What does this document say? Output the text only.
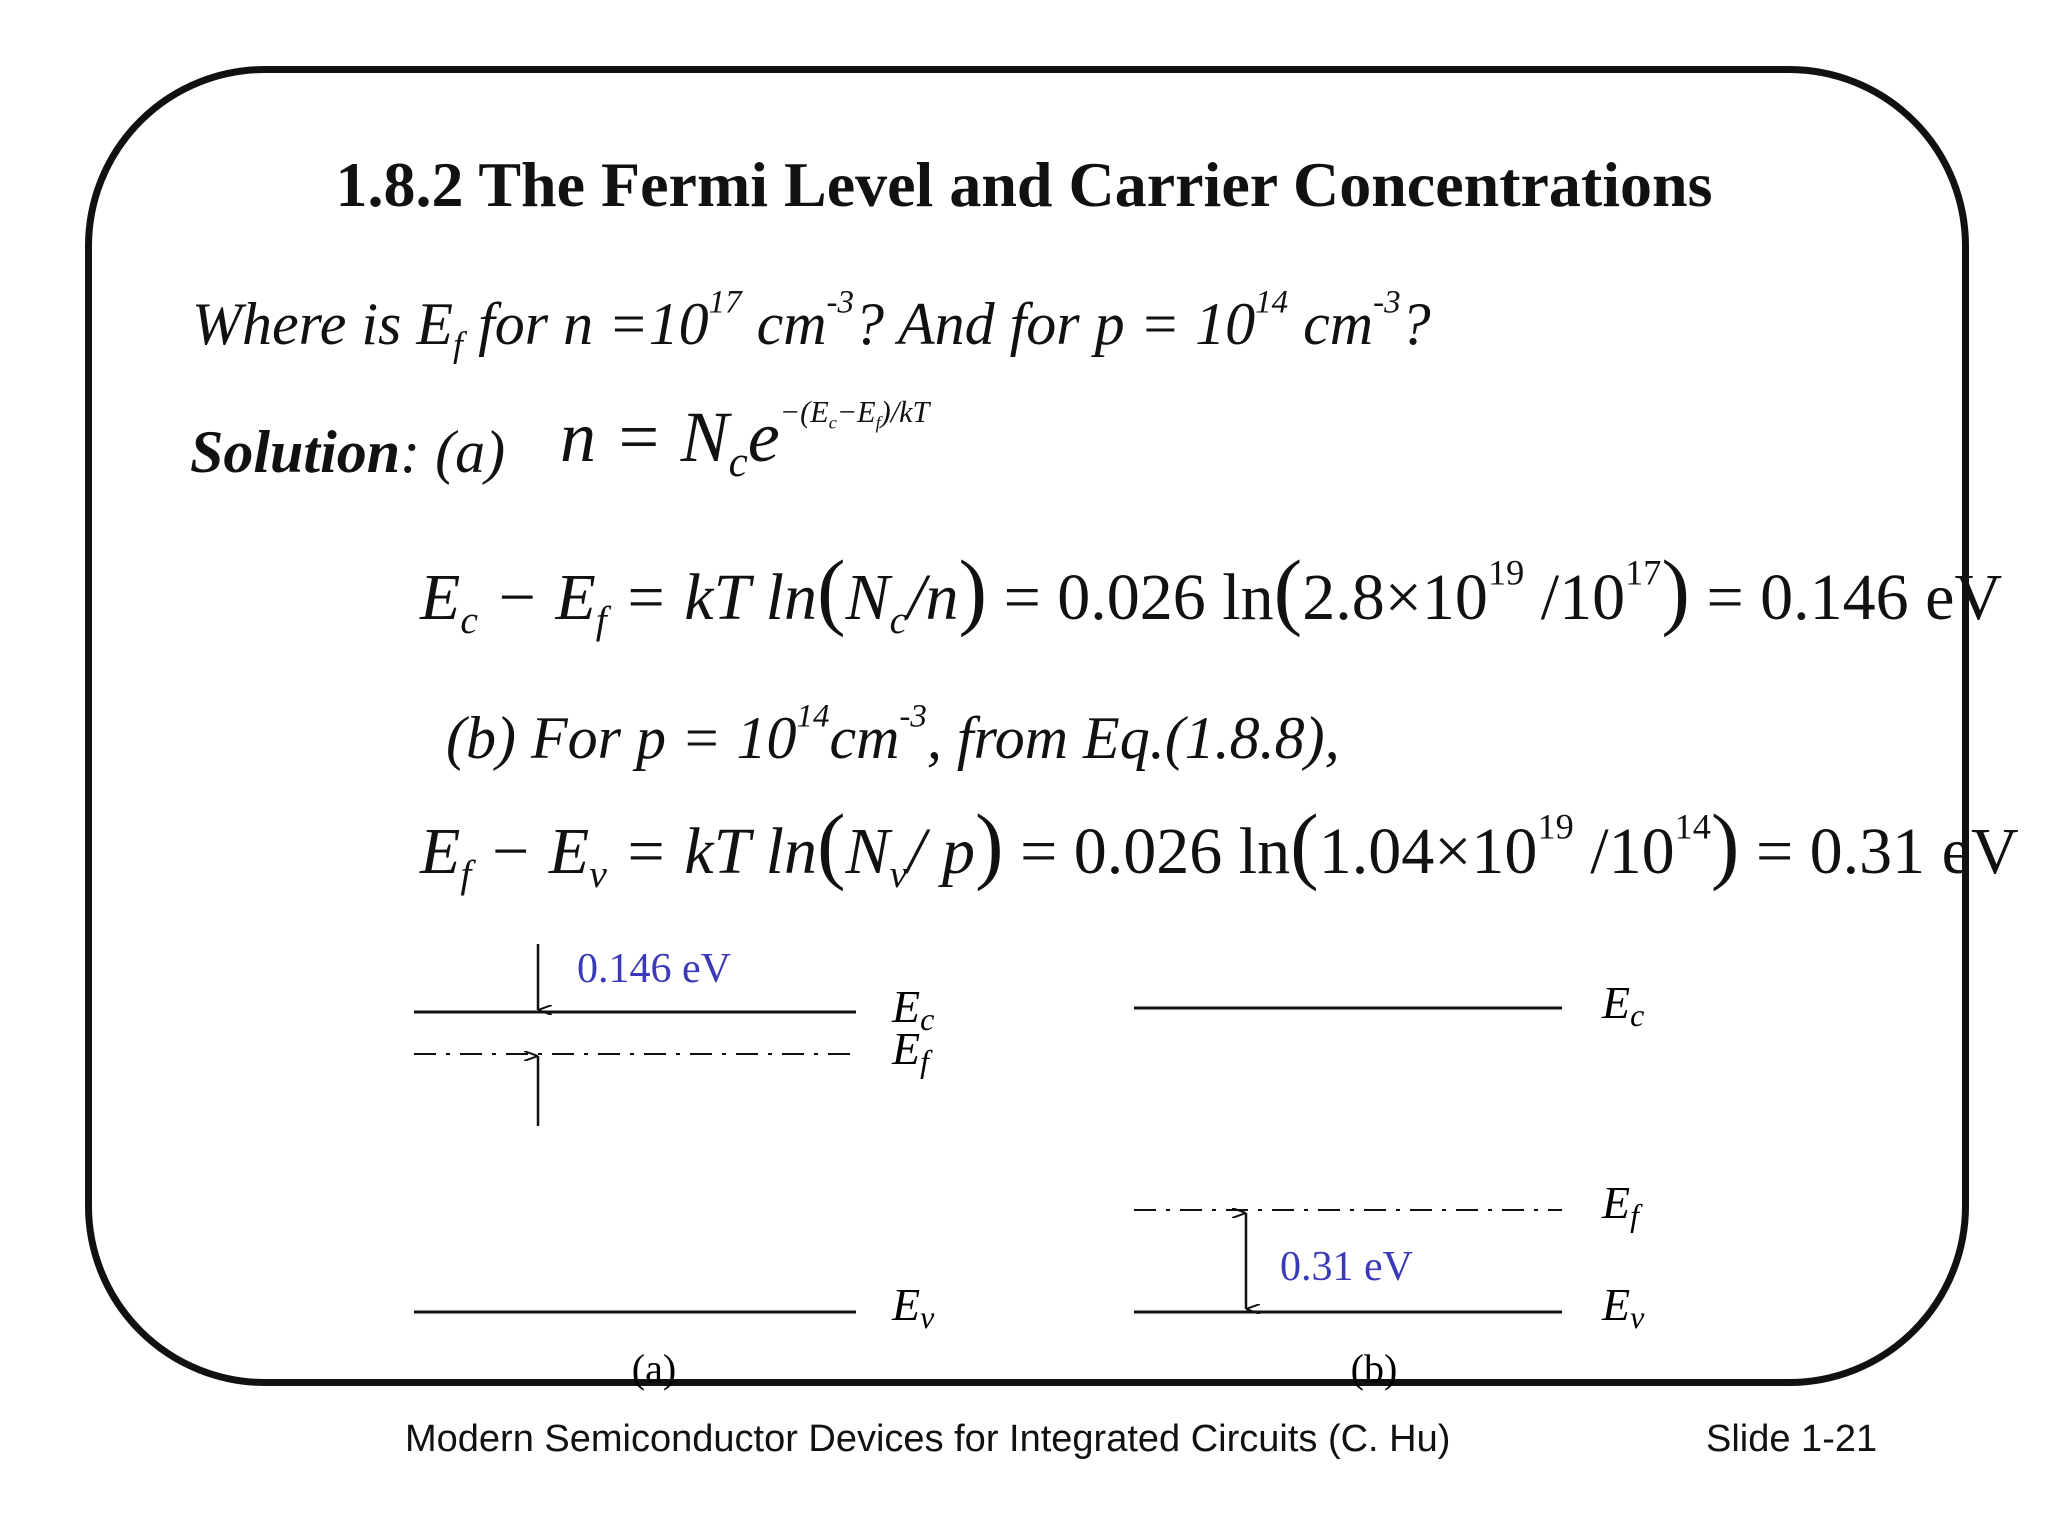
1.8.2 The Fermi Level and Carrier Concentrations
Where is $E_f$ for $n =10^{17}$ $cm^{-3}$? And for $p = 10^{14}$ $cm^{-3}$?
Solution: (a) $n = N_ce^{-(E_c-E_f)/kT}$
$E_c - E_f$ = kT $\ln(N_c/n) = 0.026$ $\ln(2.8\times 10^{19}$ $/10^{17}) = 0.146$ eV
(b) For $p = 10^{14}cm^{-3}$, from Eq.(1.8.8),
$E_f - E_v$ = kT $\ln(N_v/$ p) = 0.026 $\ln(1.04\times 10^{19}$ $/10^{14}) = 0.31$ eV
0.146 eV
Ec
Ef
Ev
(a)
0.31 eV
Ec
Ef
Ev
(b)
Modern Semiconductor Devices for Integrated Circuits (C. Hu)	Slide 1-21
